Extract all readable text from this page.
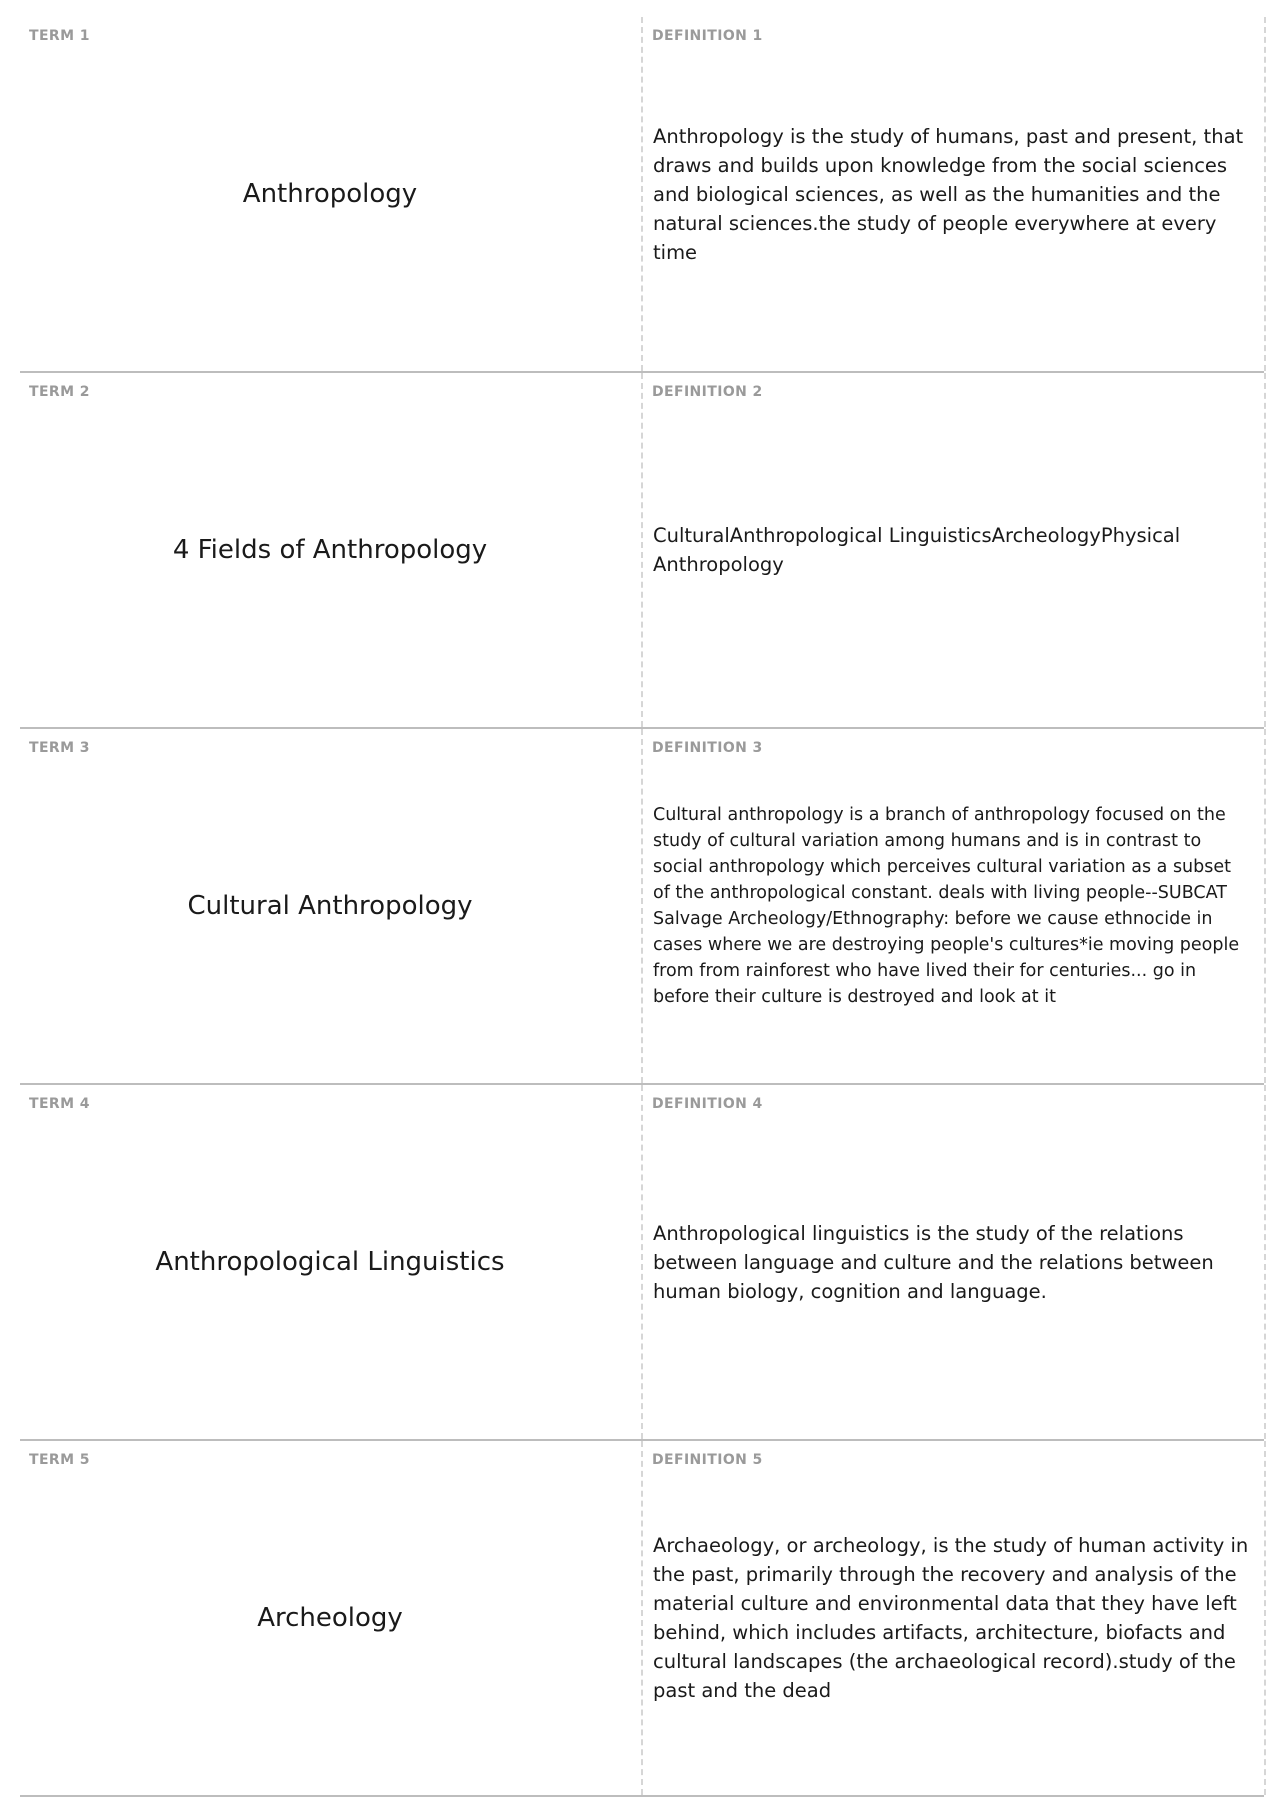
TERM 1
Anthropology
DEFINITION 1
Anthropology is the study of humans, past and present, that draws and builds upon knowledge from the social sciences and biological sciences, as well as the humanities and the natural sciences.the study of people everywhere at every time
TERM 2
4 Fields of Anthropology
DEFINITION 2
CulturalAnthropological LinguisticsArcheologyPhysical Anthropology
TERM 3
Cultural Anthropology
DEFINITION 3
Cultural anthropology is a branch of anthropology focused on the study of cultural variation among humans and is in contrast to social anthropology which perceives cultural variation as a subset of the anthropological constant. deals with living people--SUBCAT Salvage Archeology/Ethnography: before we cause ethnocide in cases where we are destroying people's cultures*ie moving people from from rainforest who have lived their for centuries... go in before their culture is destroyed and look at it
TERM 4
Anthropological Linguistics
DEFINITION 4
Anthropological linguistics is the study of the relations between language and culture and the relations between human biology, cognition and language.
TERM 5
Archeology
DEFINITION 5
Archaeology, or archeology, is the study of human activity in the past, primarily through the recovery and analysis of the material culture and environmental data that they have left behind, which includes artifacts, architecture, biofacts and cultural landscapes (the archaeological record).study of the past and the dead
